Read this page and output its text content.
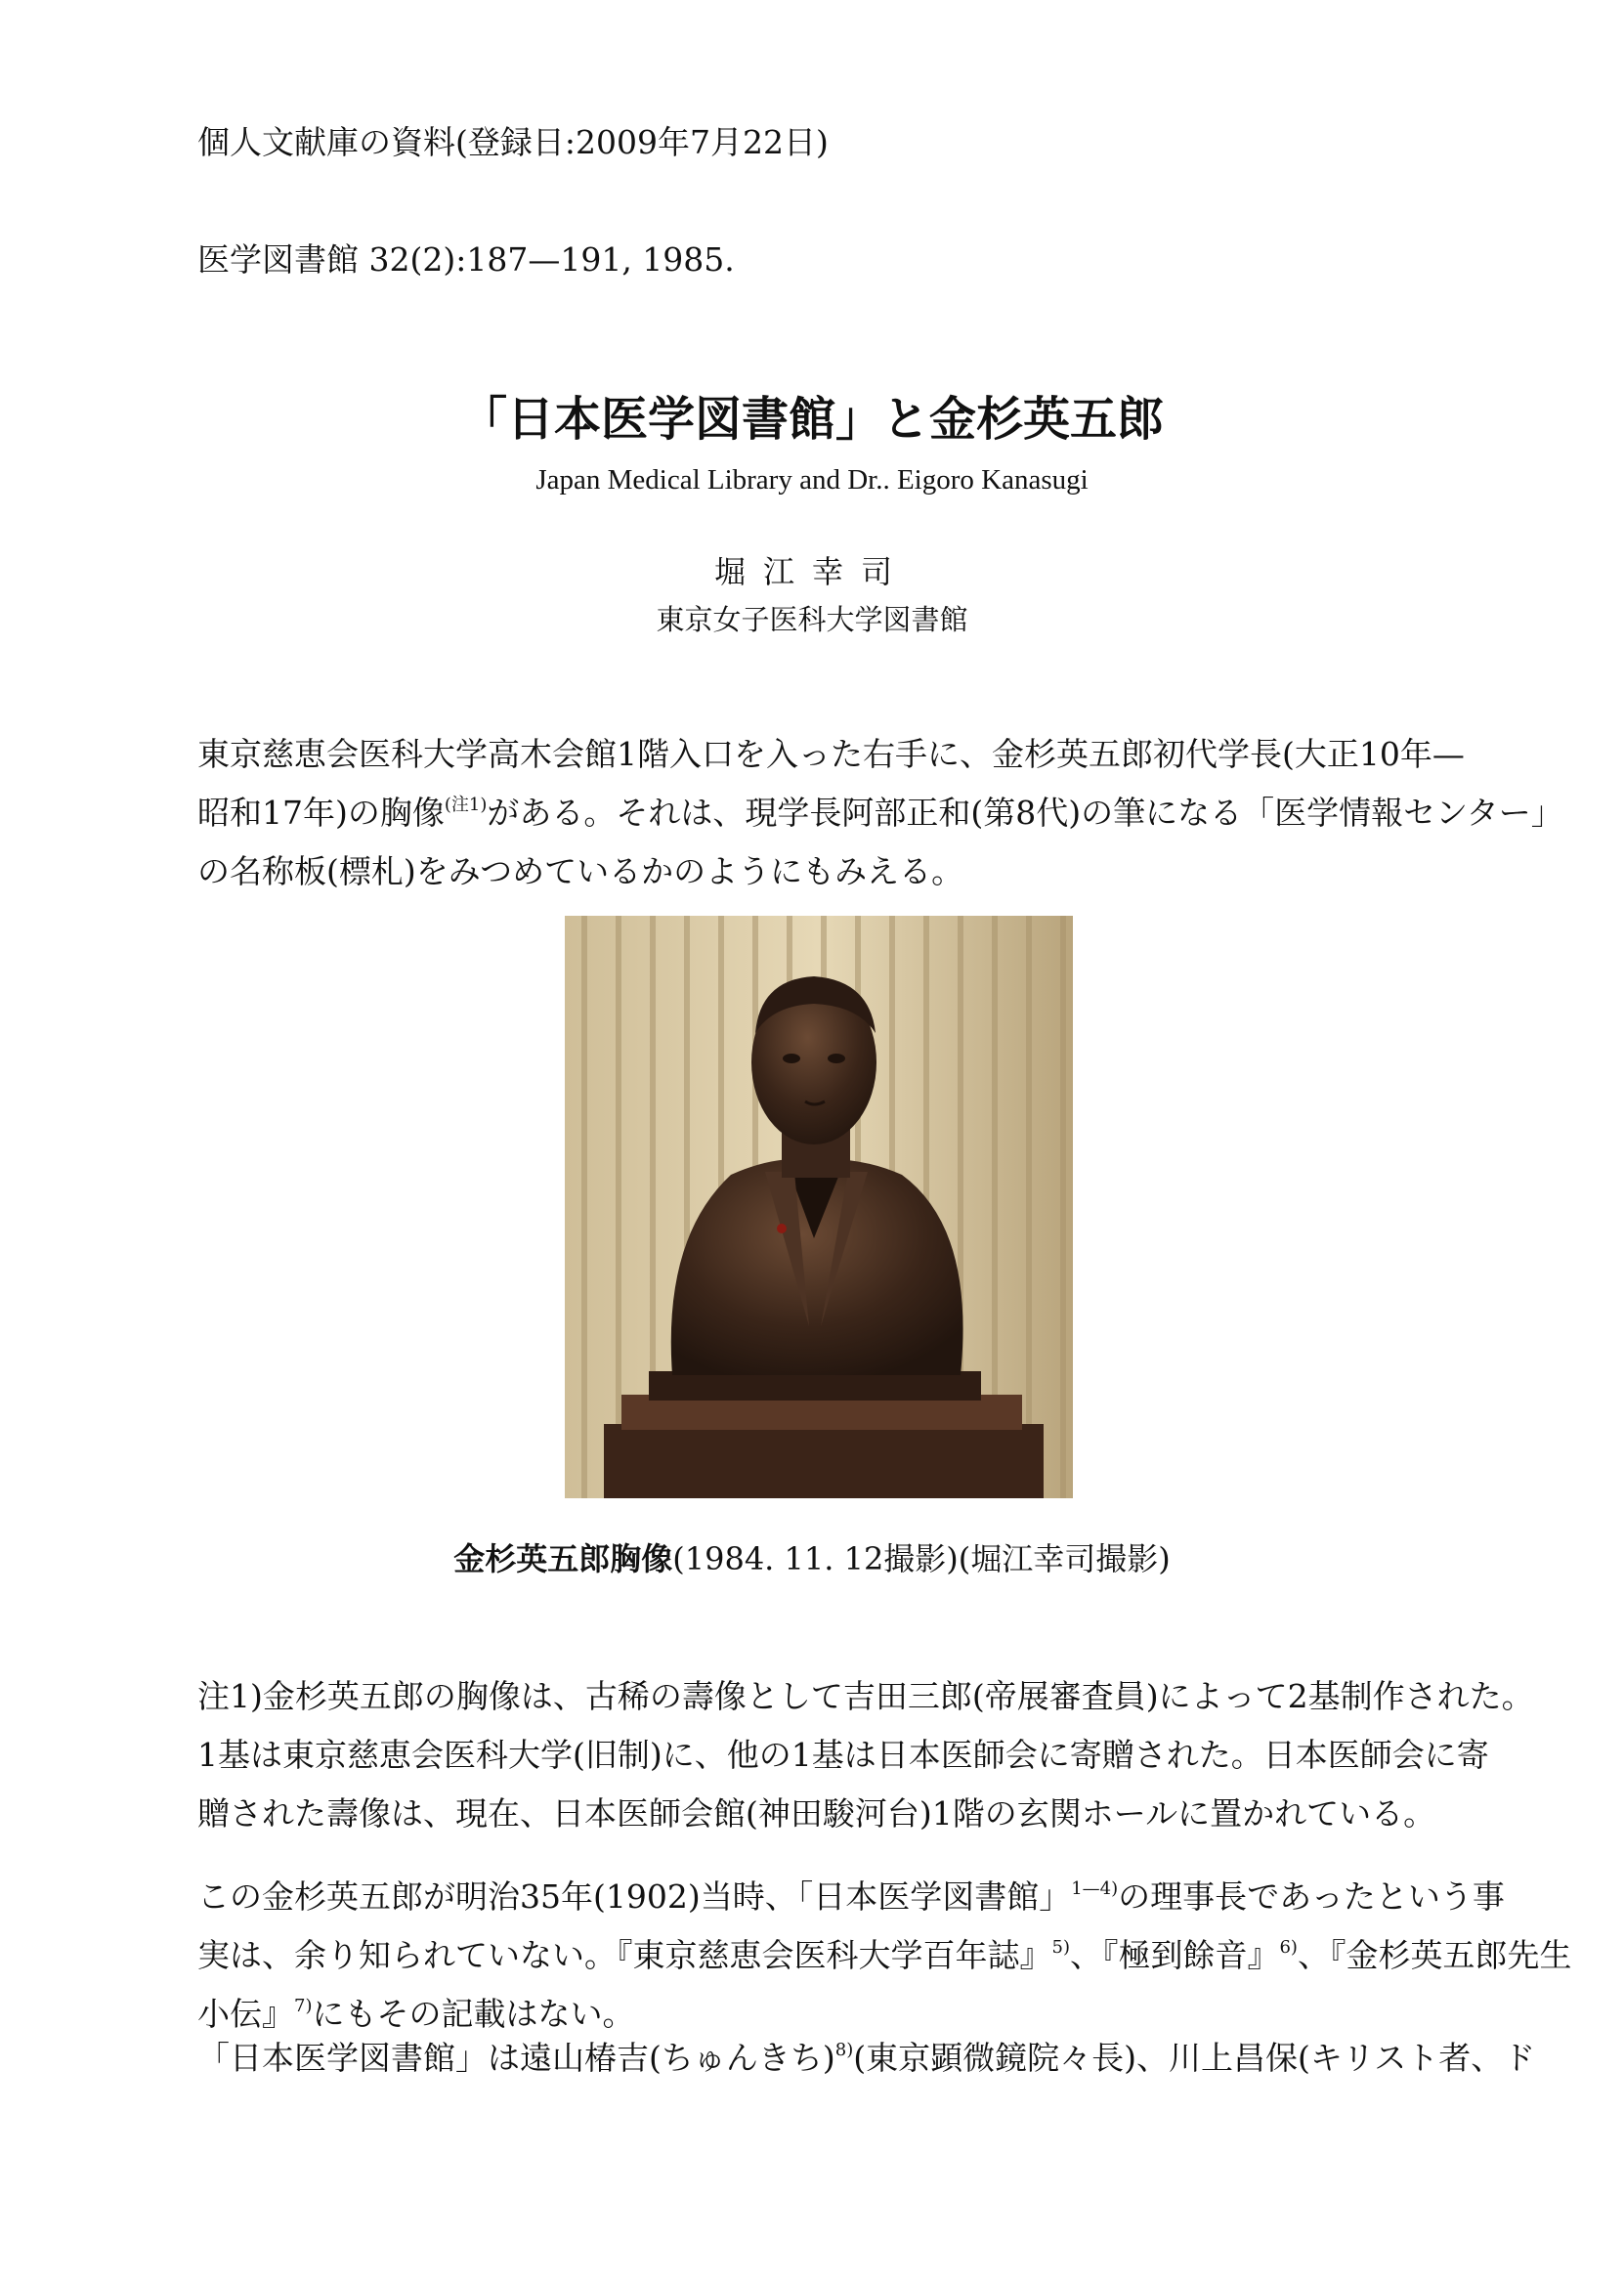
個人文献庫の資料(登録日:2009年7月22日)
医学図書館 32(2):187—191, 1985.
「日本医学図書館」と金杉英五郎
Japan Medical Library and Dr.. Eigoro Kanasugi
堀江幸司
東京女子医科大学図書館
東京慈恵会医科大学高木会館1階入口を入った右手に、金杉英五郎初代学長(大正10年—
昭和17年)の胸像$^{(注1)}$がある。それは、現学長阿部正和(第8代)の筆になる「医学情報センター」
の名称板(標札)をみつめているかのようにもみえる。
金杉英五郎胸像(1984. 11. 12撮影)(堀江幸司撮影)
注1)金杉英五郎の胸像は、古稀の壽像として吉田三郎(帝展審査員)によって2基制作された。
1基は東京慈恵会医科大学(旧制)に、他の1基は日本医師会に寄贈された。日本医師会に寄
贈された壽像は、現在、日本医師会館(神田駿河台)1階の玄関ホールに置かれている。
この金杉英五郎が明治35年(1902)当時、「日本医学図書館」$^{1—4)}$の理事長であったという事
実は、余り知られていない。『東京慈恵会医科大学百年誌』$^{5)}$、『極到餘音』$^{6)}$、『金杉英五郎先生
小伝』$^{7)}$にもその記載はない。
「日本医学図書館」は遠山椿吉(ちゅんきち)$^{8)}$(東京顕微鏡院々長)、川上昌保(キリスト者、ド
